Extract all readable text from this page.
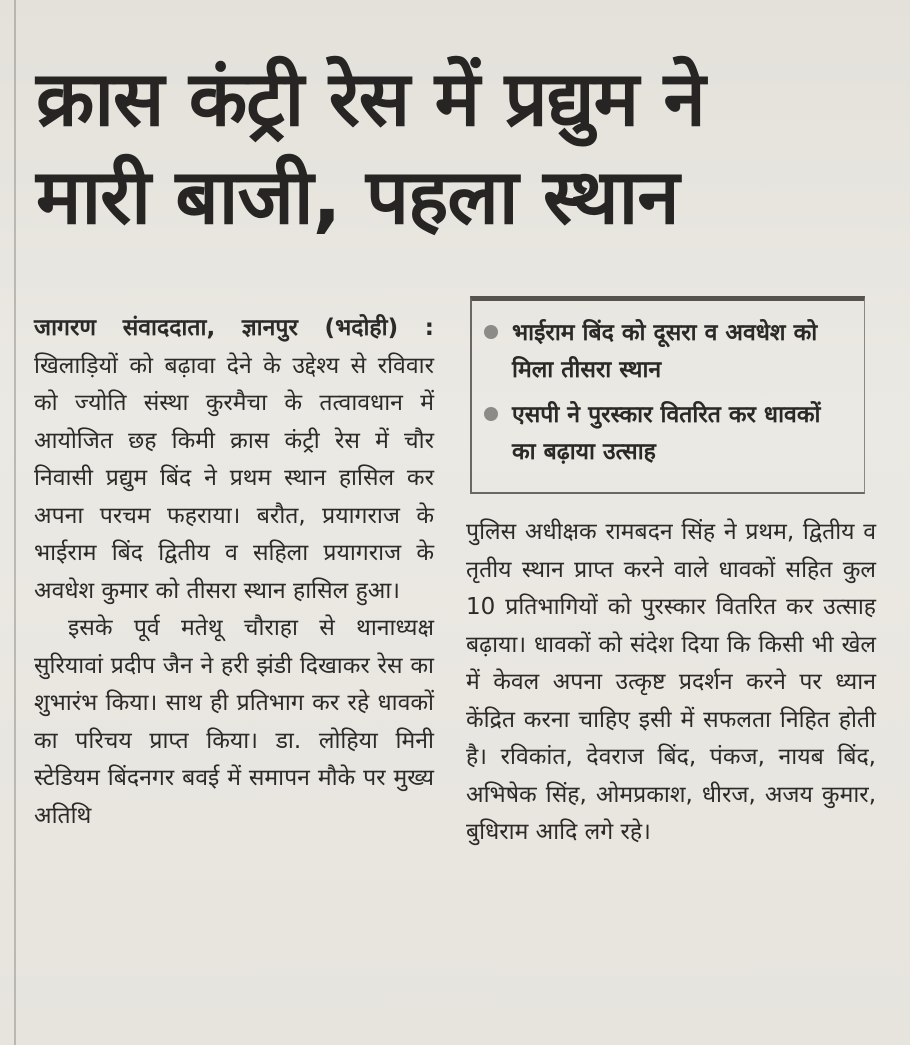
क्रास कंट्री रेस में प्रद्युम ने
मारी बाजी, पहला स्थान
जागरण संवाददाता, ज्ञानपुर (भदोही) : खिलाड़ियों को बढ़ावा देने के उद्देश्य से रविवार को ज्योति संस्था कुरमैचा के तत्वावधान में आयोजित छह किमी क्रास कंट्री रेस में चौर निवासी प्रद्युम बिंद ने प्रथम स्थान हासिल कर अपना परचम फहराया। बरौत, प्रयागराज के भाईराम बिंद द्वितीय व सहिला प्रयागराज के अवधेश कुमार को तीसरा स्थान हासिल हुआ।
इसके पूर्व मतेथू चौराहा से थानाध्यक्ष सुरियावां प्रदीप जैन ने हरी झंडी दिखाकर रेस का शुभारंभ किया। साथ ही प्रतिभाग कर रहे धावकों का परिचय प्राप्त किया। डा. लोहिया मिनी स्टेडियम बिंदनगर बवई में समापन मौके पर मुख्य अतिथि
भाईराम बिंद को दूसरा व अवधेश को मिला तीसरा स्थान
एसपी ने पुरस्कार वितरित कर धावकों का बढ़ाया उत्साह
पुलिस अधीक्षक रामबदन सिंह ने प्रथम, द्वितीय व तृतीय स्थान प्राप्त करने वाले धावकों सहित कुल 10 प्रतिभागियों को पुरस्कार वितरित कर उत्साह बढ़ाया। धावकों को संदेश दिया कि किसी भी खेल में केवल अपना उत्कृष्ट प्रदर्शन करने पर ध्यान केंद्रित करना चाहिए इसी में सफलता निहित होती है। रविकांत, देवराज बिंद, पंकज, नायब बिंद, अभिषेक सिंह, ओमप्रकाश, धीरज, अजय कुमार, बुधिराम आदि लगे रहे।
